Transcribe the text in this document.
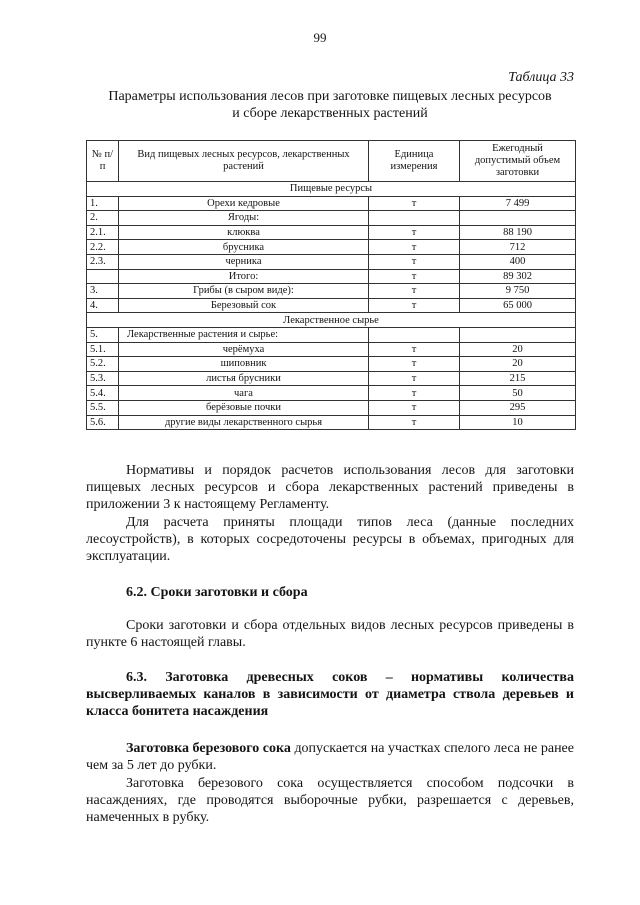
99
Таблица 33
Параметры использования лесов при заготовке пищевых лесных ресурсов
и сборе лекарственных растений
№ п/п	Вид пищевых лесных ресурсов, лекарственных растений	Единица измерения	Ежегодный допустимый объем заготовки
Пищевые ресурсы			
1.	Орехи кедровые	т	7 499
2.	Ягоды:		
2.1.	клюква	т	88 190
2.2.	брусника	т	712
2.3.	черника	т	400
	Итого:	т	89 302
3.	Грибы (в сыром виде):	т	9 750
4.	Березовый сок	т	65 000
Лекарственное сырье			
5.	Лекарственные растения и сырье:		
5.1.	черёмуха	т	20
5.2.	шиповник	т	20
5.3.	листья брусники	т	215
5.4.	чага	т	50
5.5.	берёзовые почки	т	295
5.6.	другие виды лекарственного сырья	т	10
Нормативы и порядок расчетов использования лесов для заготовки пищевых лесных ресурсов и сбора лекарственных растений приведены в приложении 3 к настоящему Регламенту.
Для расчета приняты площади типов леса (данные последних лесоустройств), в которых сосредоточены ресурсы в объемах, пригодных для эксплуатации.
6.2. Сроки заготовки и сбора
Сроки заготовки и сбора отдельных видов лесных ресурсов приведены в пункте 6 настоящей главы.
6.3. Заготовка древесных соков – нормативы количества высверливаемых каналов в зависимости от диаметра ствола деревьев и класса бонитета насаждения
Заготовка березового сока допускается на участках спелого леса не ранее чем за 5 лет до рубки.
Заготовка березового сока осуществляется способом подсочки в насаждениях, где проводятся выборочные рубки, разрешается с деревьев, намеченных в рубку.
